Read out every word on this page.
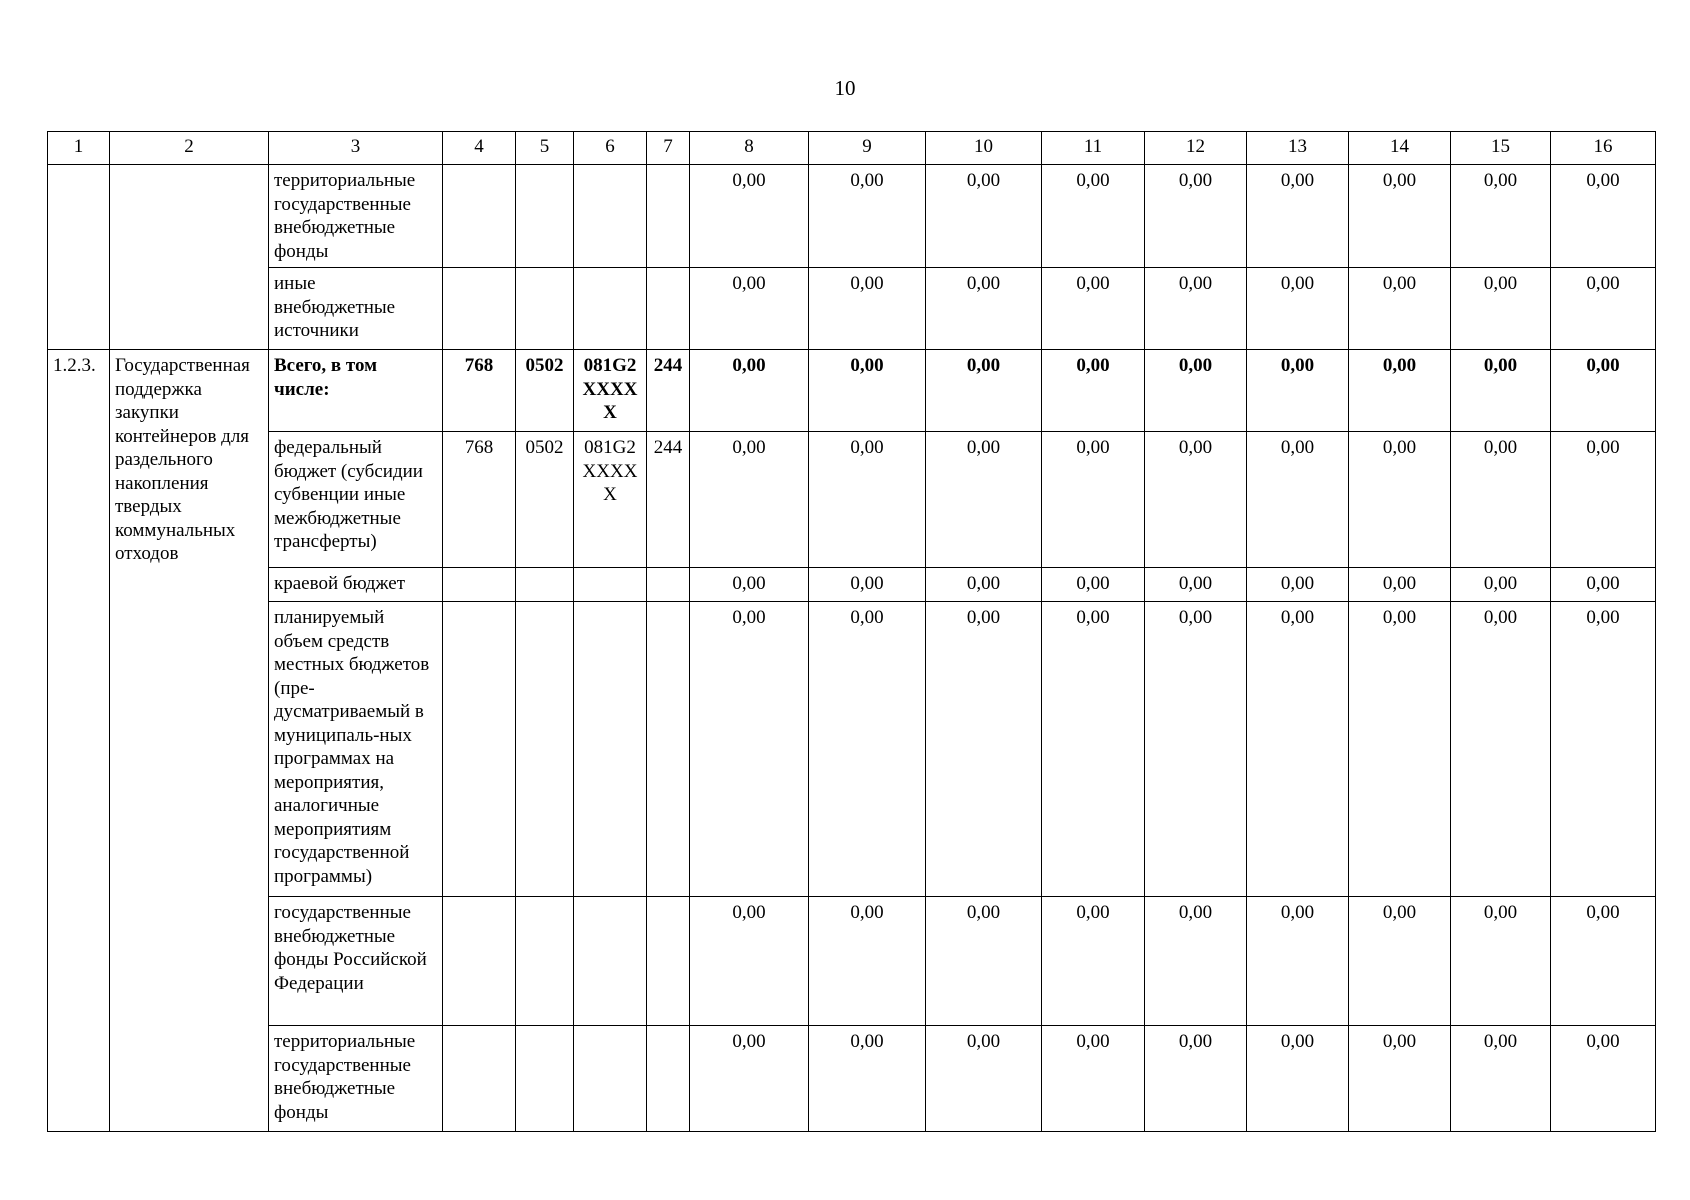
10
1	2	3	4	5	6	7	8	9	10	11	12	13	14	15	16
		территориальные государственные внебюджетные фонды					0,00	0,00	0,00	0,00	0,00	0,00	0,00	0,00	0,00
		иные внебюджетные источники					0,00	0,00	0,00	0,00	0,00	0,00	0,00	0,00	0,00
1.2.3.	Государственная поддержка закупки контейнеров для раздельного накопления твердых коммунальных отходов	Всего, в том числе:	768	0502	081G2 XXXX X	244	0,00	0,00	0,00	0,00	0,00	0,00	0,00	0,00	0,00
		федеральный бюджет (субсидии субвенции иные межбюджетные трансферты)	768	0502	081G2 XXXX X	244	0,00	0,00	0,00	0,00	0,00	0,00	0,00	0,00	0,00
		краевой бюджет					0,00	0,00	0,00	0,00	0,00	0,00	0,00	0,00	0,00
		планируемый объем средств местных бюджетов (пре-дусматриваемый в муниципаль-ных программах на мероприятия, аналогичные мероприятиям государственной программы)					0,00	0,00	0,00	0,00	0,00	0,00	0,00	0,00	0,00
		государственные внебюджетные фонды Российской Федерации					0,00	0,00	0,00	0,00	0,00	0,00	0,00	0,00	0,00
		территориальные государственные внебюджетные фонды					0,00	0,00	0,00	0,00	0,00	0,00	0,00	0,00	0,00
